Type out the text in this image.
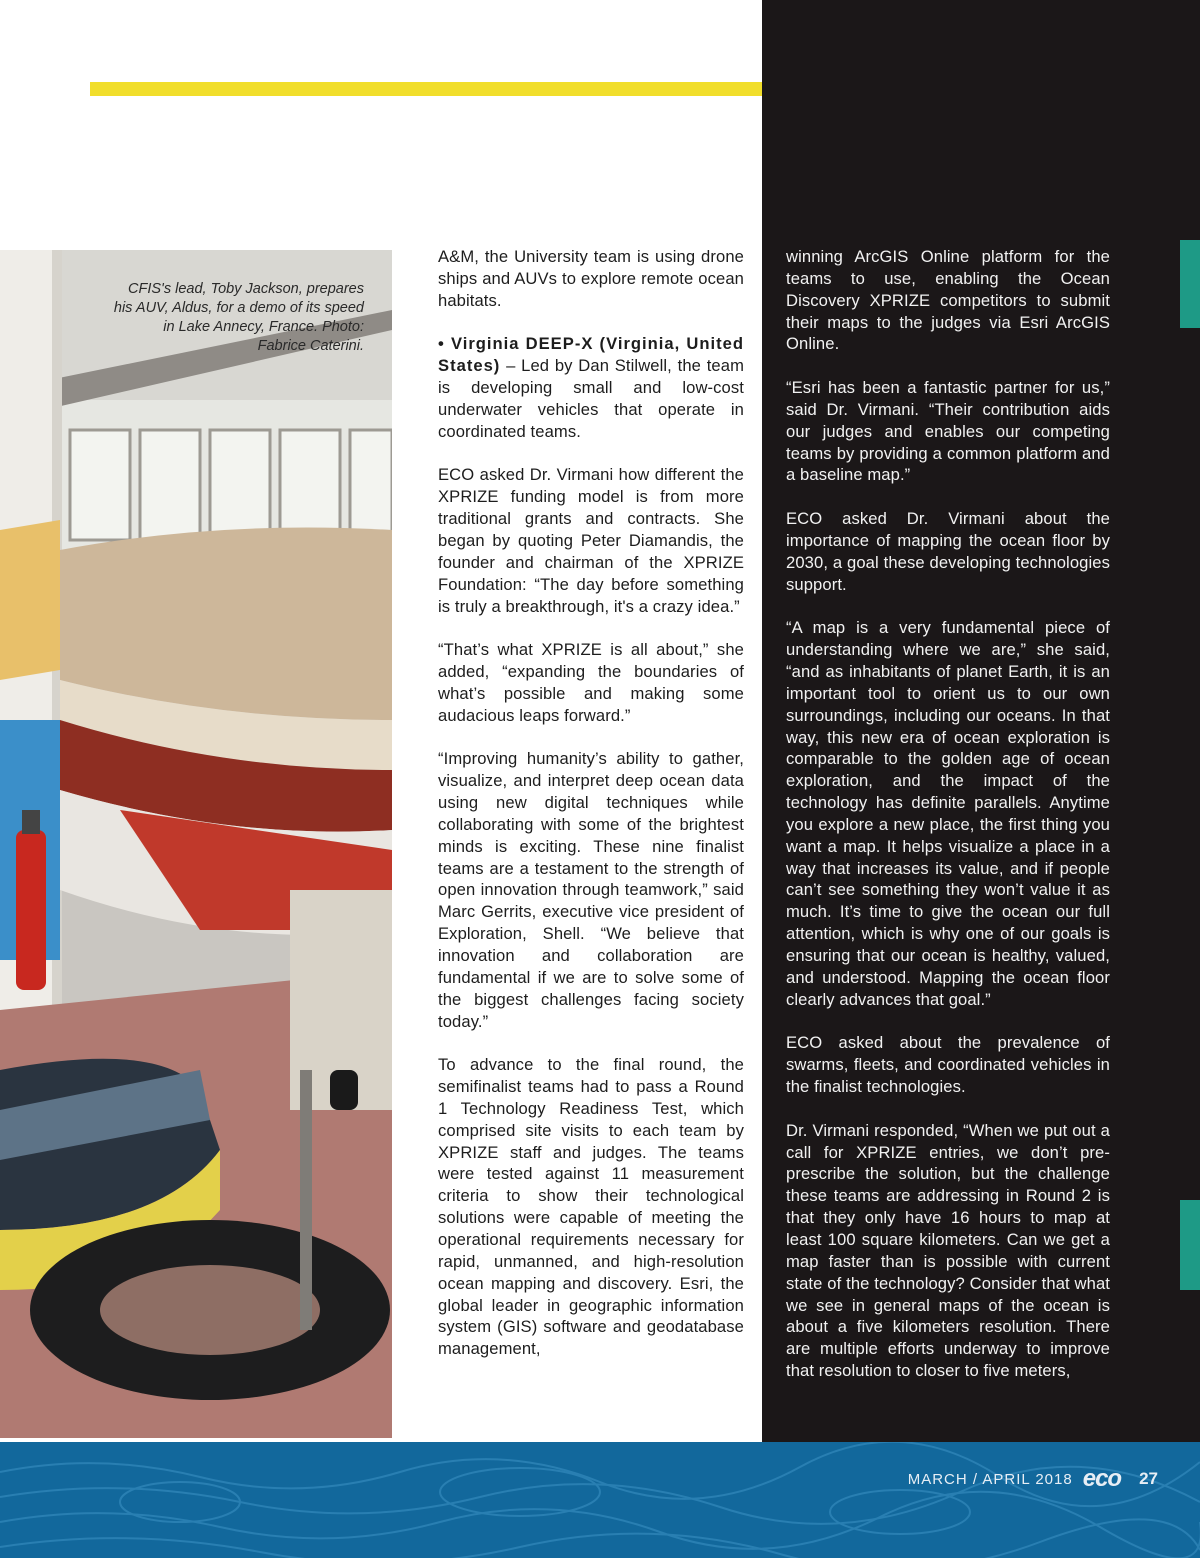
CFIS's lead, Toby Jackson, prepares his AUV, Aldus, for a demo of its speed in Lake Annecy, France. Photo: Fabrice Caterini.

A&M, the University team is using drone ships and AUVs to explore remote ocean habitats.

• Virginia DEEP-X (Virginia, United States) – Led by Dan Stilwell, the team is developing small and low-cost underwater vehicles that operate in coordinated teams.

ECO asked Dr. Virmani how different the XPRIZE funding model is from more traditional grants and contracts. She began by quoting Peter Diamandis, the founder and chairman of the XPRIZE Foundation: “The day before something is truly a breakthrough, it's a crazy idea.”

“That’s what XPRIZE is all about,” she added, “expanding the boundaries of what’s possible and making some audacious leaps forward.”

“Improving humanity’s ability to gather, visualize, and interpret deep ocean data using new digital techniques while collaborating with some of the brightest minds is exciting. These nine finalist teams are a testament to the strength of open innovation through teamwork,” said Marc Gerrits, executive vice president of Exploration, Shell. “We believe that innovation and collaboration are fundamental if we are to solve some of the biggest challenges facing society today.”

To advance to the final round, the semifinalist teams had to pass a Round 1 Technology Readiness Test, which comprised site visits to each team by XPRIZE staff and judges. The teams were tested against 11 measurement criteria to show their technological solutions were capable of meeting the operational requirements necessary for rapid, unmanned, and high-resolution ocean mapping and discovery. Esri, the global leader in geographic information system (GIS) software and geodatabase management,

winning ArcGIS Online platform for the teams to use, enabling the Ocean Discovery XPRIZE competitors to submit their maps to the judges via Esri ArcGIS Online.

“Esri has been a fantastic partner for us,” said Dr. Virmani. “Their contribution aids our judges and enables our competing teams by providing a common platform and a baseline map.”

ECO asked Dr. Virmani about the importance of mapping the ocean floor by 2030, a goal these developing technologies support.

“A map is a very fundamental piece of understanding where we are,” she said, “and as inhabitants of planet Earth, it is an important tool to orient us to our own surroundings, including our oceans. In that way, this new era of ocean exploration is comparable to the golden age of ocean exploration, and the impact of the technology has definite parallels. Anytime you explore a new place, the first thing you want a map. It helps visualize a place in a way that increases its value, and if people can’t see something they won’t value it as much. It’s time to give the ocean our full attention, which is why one of our goals is ensuring that our ocean is healthy, valued, and understood. Mapping the ocean floor clearly advances that goal.”

ECO asked about the prevalence of swarms, fleets, and coordinated vehicles in the finalist technologies.

Dr. Virmani responded, “When we put out a call for XPRIZE entries, we don’t pre-prescribe the solution, but the challenge these teams are addressing in Round 2 is that they only have 16 hours to map at least 100 square kilometers. Can we get a map faster than is possible with current state of the technology? Consider that what we see in general maps of the ocean is about a five kilometers resolution. There are multiple efforts underway to improve that resolution to closer to five meters,

MARCH / APRIL 2018 eco 27
